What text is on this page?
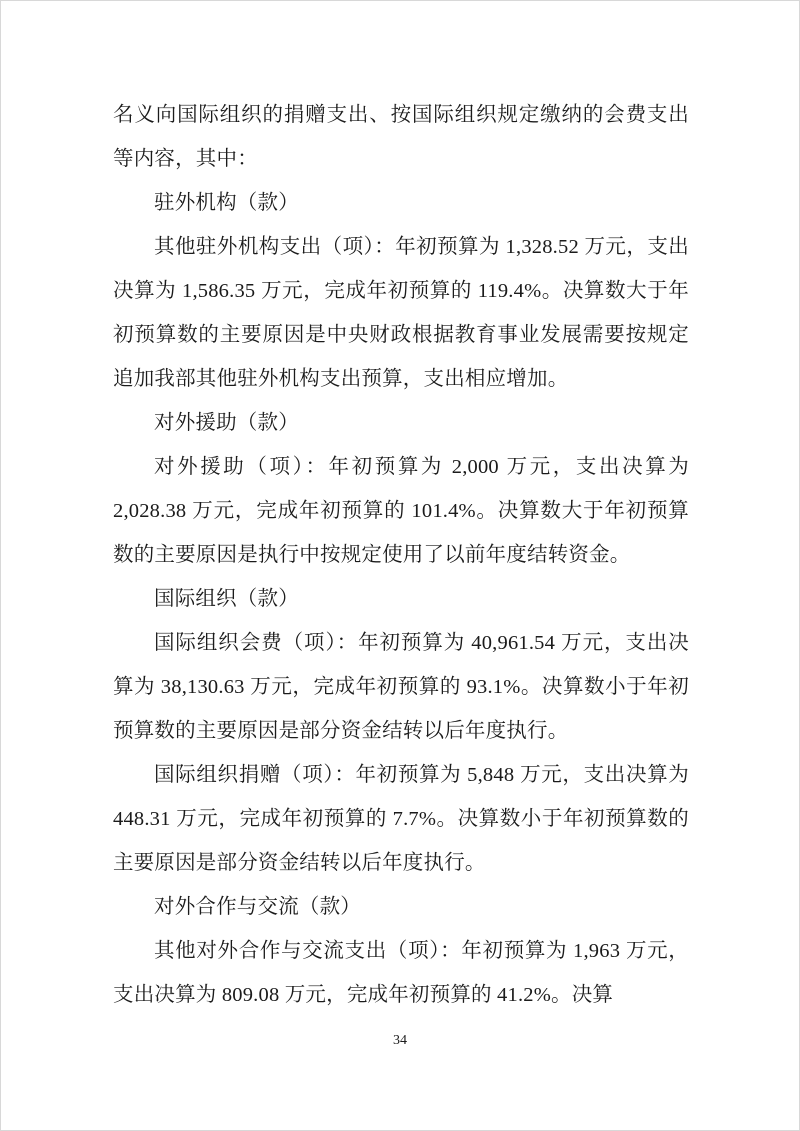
名义向国际组织的捐赠支出、按国际组织规定缴纳的会费支出等内容，其中：

驻外机构（款）

其他驻外机构支出（项）：年初预算为 1,328.52 万元，支出决算为 1,586.35 万元，完成年初预算的 119.4%。决算数大于年初预算数的主要原因是中央财政根据教育事业发展需要按规定追加我部其他驻外机构支出预算，支出相应增加。

对外援助（款）

对外援助（项）：年初预算为 2,000 万元，支出决算为 2,028.38 万元，完成年初预算的 101.4%。决算数大于年初预算数的主要原因是执行中按规定使用了以前年度结转资金。

国际组织（款）

国际组织会费（项）：年初预算为 40,961.54 万元，支出决算为 38,130.63 万元，完成年初预算的 93.1%。决算数小于年初预算数的主要原因是部分资金结转以后年度执行。

国际组织捐赠（项）：年初预算为 5,848 万元，支出决算为 448.31 万元，完成年初预算的 7.7%。决算数小于年初预算数的主要原因是部分资金结转以后年度执行。

对外合作与交流（款）

其他对外合作与交流支出（项）：年初预算为 1,963 万元，支出决算为 809.08 万元，完成年初预算的 41.2%。决算

34
